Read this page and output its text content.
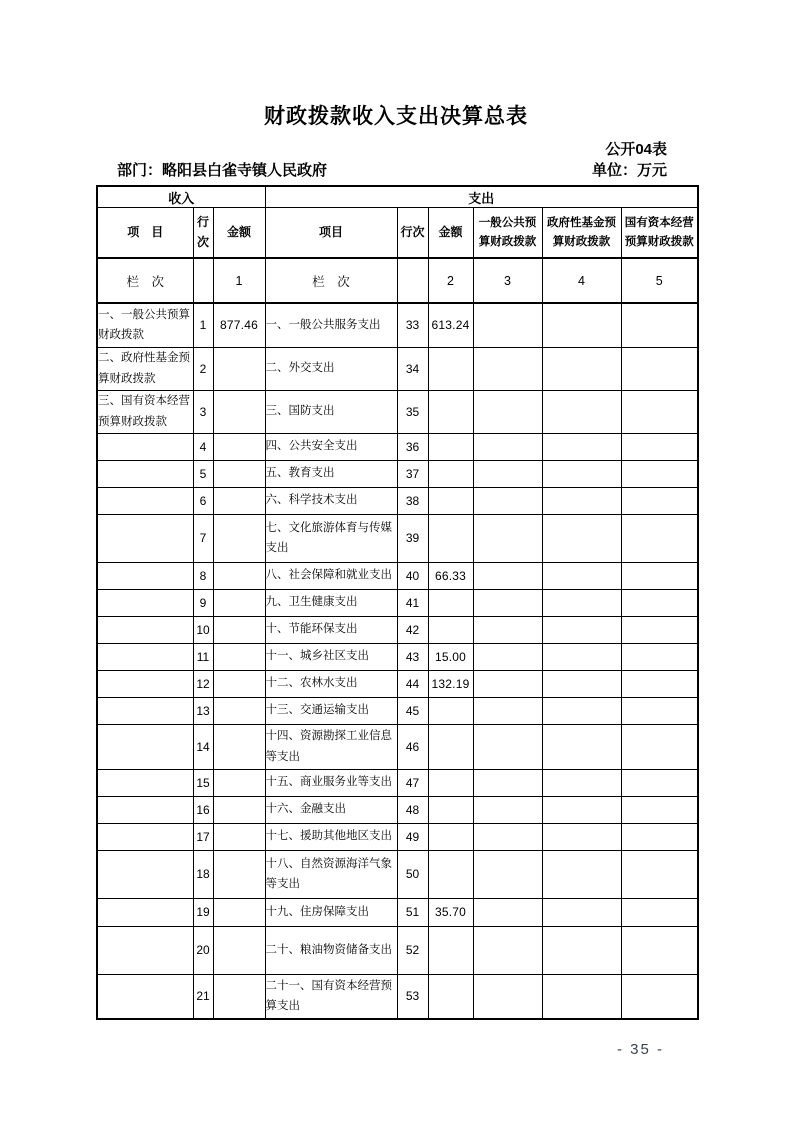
财政拨款收入支出决算总表
公开04表
部门：略阳县白雀寺镇人民政府	单位：万元
收入			支出					
项　目	行次	金额	项目	行次	金额	一般公共预算财政拨款	政府性基金预算财政拨款	国有资本经营预算财政拨款
栏　次		1	栏　次		2	3	4	5
一、一般公共预算财政拨款	1	877.46	一、一般公共服务支出	33	613.24			
二、政府性基金预算财政拨款	2		二、外交支出	34				
三、国有资本经营预算财政拨款	3		三、国防支出	35				
	4		四、公共安全支出	36				
	5		五、教育支出	37				
	6		六、科学技术支出	38				
	7		七、文化旅游体育与传媒支出	39				
	8		八、社会保障和就业支出	40	66.33			
	9		九、卫生健康支出	41				
	10		十、节能环保支出	42				
	11		十一、城乡社区支出	43	15.00			
	12		十二、农林水支出	44	132.19			
	13		十三、交通运输支出	45				
	14		十四、资源勘探工业信息等支出	46				
	15		十五、商业服务业等支出	47				
	16		十六、金融支出	48				
	17		十七、援助其他地区支出	49				
	18		十八、自然资源海洋气象等支出	50				
	19		十九、住房保障支出	51	35.70			
	20		二十、粮油物资储备支出	52				
	21		二十一、国有资本经营预算支出	53				
- 35 -
